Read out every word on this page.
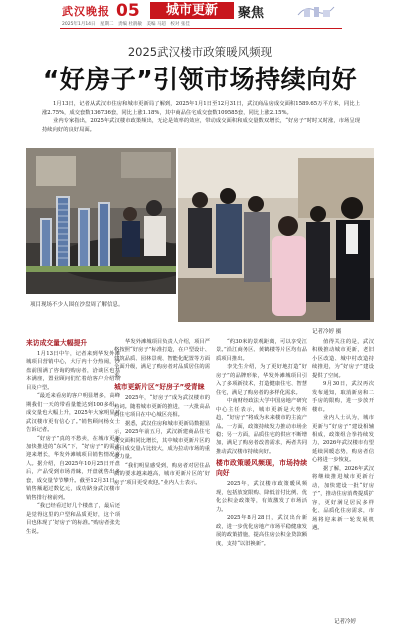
武汉晚报 05	城市更新	聚焦
2025年1月14日　星期二　责编 杜鹃敏　美编 马超　校对 张佳
2025武汉楼市政策暖风频现
“好房子”引领市场持续向好

1月13日，记者从武汉市住房和城市更新局了解到，2025年1月1日至12月31日，武汉商品房成交面积1589.65万平方米，同比上涨2.75%，成交套数136736套，同比上涨1.18%，其中商品住宅成交套数109585套，同比上涨2.15%。

业内专家指出，2025年武汉楼市政策频出，无论是效率的效应，带动成交面积和成交量数双增长，“好房子”时时又时涨，市场呈现持续向好的良好局面。

项目现场不少人围在沙盘周了解信息。
记者冷婷 摄
来访成交量大幅提升

1月13日中午，记者来到华发外滩城项目营销中心，大厅内十分热闹，沙盘前围满了咨询的购房者，洽谈区也基本满座，置业顾问们忙着给客户介绍项目及户型。

“最近来看房的客户明显增多，高峰期我们一天的带看量能达到100多组，成交量也大幅上升，2025年大家明显对武汉楼市更有信心了。”销售顾问杨女士告诉记者。

“好房子”真的不愁卖，在城市更新加快推进的“东风”下，“好房子”的需求迎来增长，华发外滩城项目销售情况喜人。据介绍，自2025年10月25日开盘后，产品受到市场青睐，开盘就售出多套，成交量节节攀升。截至12月31日，销售额超过数亿元，成功跻身武汉楼市销售排行榜前列。

“我已经看过好几个楼盘了，最后还是觉得这里的户型和品质更好，这个项目也体现了‘好房子’的标准。”购房者张先生说。

华发外滩城项目负责人介绍，项目严格按照“好房子”标准打造，在户型设计、建筑品质、园林景观、智能化配置等方面全面升级，满足了购房者对品质居住的需求。

城市更新片区“好房子”受青睐

2025年，“好房子”成为武汉楼市的热词。随着城市更新的推进，一大批高品质住宅项目在中心城区亮相。

据悉，武汉住房和城市更新局数据显示，2025年前五月，武汉新建商品住宅成交面积同比增长，其中城市更新片区的项目成交量占比较大，成为拉动市场的重要力量。

“我们明显感受到，购房者对居住品质的要求越来越高，城市更新片区的‘好房子’项目更受欢迎。”业内人士表示。

“约30米的景观距离，可以享受江景。”沿江商务区、黄鹤楼等片区均有品质项目推出。

李先生介绍，为了更好地打造“好房子”的品牌形象，华发外滩城项目引入了多项新技术，打造健康住宅、智慧住宅，满足了购房者的多样化需求。

中南财经政法大学中国房地产研究中心主任表示，城市更新是大势所趋，“好房子”将成为未来楼市的主流产品。一方面，政策持续发力推动市场企稳；另一方面，品质住宅的供应不断增加，满足了购房者改善需求，两者共同推动武汉楼市持续向好。

楼市政策暖风频现，市场持续向好

2025年，武汉楼市政策暖风频现，包括放宽限购、降低首付比例、优化公积金政策等，有效激发了市场活力。

2025年8月28日，武汉出台新政，进一步优化房地产市场平稳健康发展的政策措施，提高住房公积金贷款额度，支持“以旧换新”。

值得关注的是，武汉积极推动城市更新，老旧小区改造、城中村改造持续推进，为“好房子”建设提供了空间。

9月30日，武汉再次发布通知，取消新房和二手房的限购，进一步放开楼市。

业内人士认为，城市更新与“好房子”建设相辅相成，政策组合拳持续发力，2026年武汉楼市有望延续回暖态势，购房者信心将进一步恢复。

据了解，2026年武汉将继续推进城市更新行动，加快建设一批“好房子”，推动住房消费提质扩容，更好满足居民多样化、品质化住房需求，市场将迎来新一轮发展机遇。

记者冷婷
